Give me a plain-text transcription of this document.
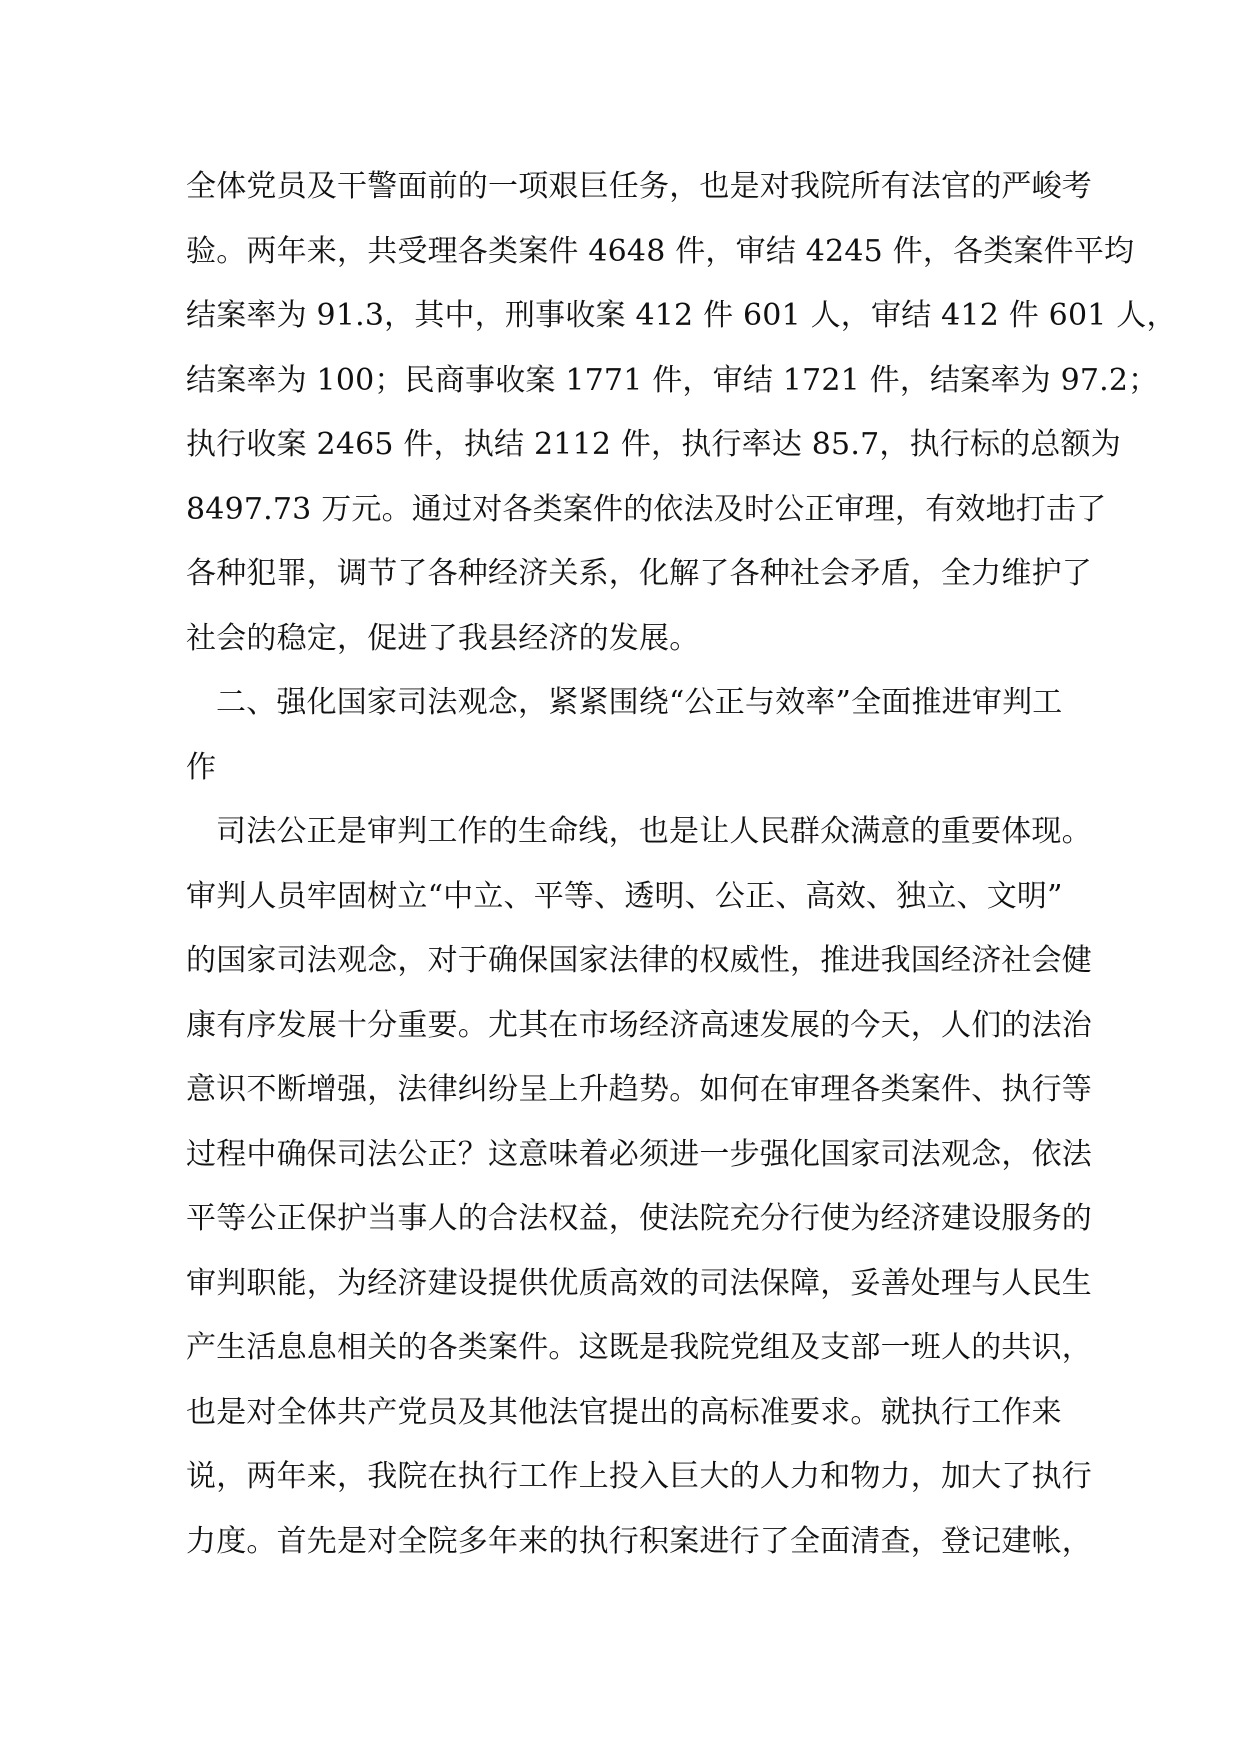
全体党员及干警面前的一项艰巨任务，也是对我院所有法官的严峻考
验。两年来，共受理各类案件 4648 件，审结 4245 件，各类案件平均
结案率为 91.3，其中，刑事收案 412 件 601 人，审结 412 件 601 人，
结案率为 100；民商事收案 1771 件，审结 1721 件，结案率为 97.2；
执行收案 2465 件，执结 2112 件，执行率达 85.7，执行标的总额为
8497.73 万元。通过对各类案件的依法及时公正审理，有效地打击了
各种犯罪，调节了各种经济关系，化解了各种社会矛盾，全力维护了
社会的稳定，促进了我县经济的发展。
二、强化国家司法观念，紧紧围绕“公正与效率”全面推进审判工
作
司法公正是审判工作的生命线，也是让人民群众满意的重要体现。
审判人员牢固树立“中立、平等、透明、公正、高效、独立、文明”
的国家司法观念，对于确保国家法律的权威性，推进我国经济社会健
康有序发展十分重要。尤其在市场经济高速发展的今天，人们的法治
意识不断增强，法律纠纷呈上升趋势。如何在审理各类案件、执行等
过程中确保司法公正？这意味着必须进一步强化国家司法观念，依法
平等公正保护当事人的合法权益，使法院充分行使为经济建设服务的
审判职能，为经济建设提供优质高效的司法保障，妥善处理与人民生
产生活息息相关的各类案件。这既是我院党组及支部一班人的共识，
也是对全体共产党员及其他法官提出的高标准要求。就执行工作来
说，两年来，我院在执行工作上投入巨大的人力和物力，加大了执行
力度。首先是对全院多年来的执行积案进行了全面清查，登记建帐，
